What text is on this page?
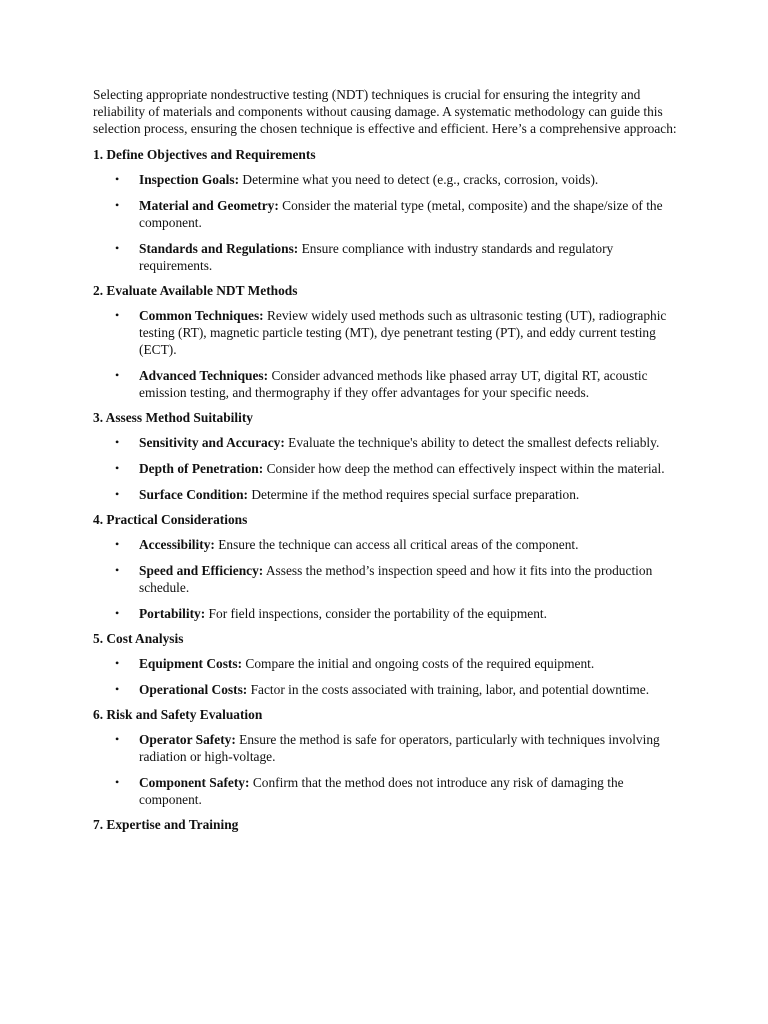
Selecting appropriate nondestructive testing (NDT) techniques is crucial for ensuring the integrity and reliability of materials and components without causing damage. A systematic methodology can guide this selection process, ensuring the chosen technique is effective and efficient. Here’s a comprehensive approach:

1. Define Objectives and Requirements
• Inspection Goals: Determine what you need to detect (e.g., cracks, corrosion, voids).
• Material and Geometry: Consider the material type (metal, composite) and the shape/size of the component.
• Standards and Regulations: Ensure compliance with industry standards and regulatory requirements.
2. Evaluate Available NDT Methods
• Common Techniques: Review widely used methods such as ultrasonic testing (UT), radiographic testing (RT), magnetic particle testing (MT), dye penetrant testing (PT), and eddy current testing (ECT).
• Advanced Techniques: Consider advanced methods like phased array UT, digital RT, acoustic emission testing, and thermography if they offer advantages for your specific needs.
3. Assess Method Suitability
• Sensitivity and Accuracy: Evaluate the technique's ability to detect the smallest defects reliably.
• Depth of Penetration: Consider how deep the method can effectively inspect within the material.
• Surface Condition: Determine if the method requires special surface preparation.
4. Practical Considerations
• Accessibility: Ensure the technique can access all critical areas of the component.
• Speed and Efficiency: Assess the method’s inspection speed and how it fits into the production schedule.
• Portability: For field inspections, consider the portability of the equipment.
5. Cost Analysis
• Equipment Costs: Compare the initial and ongoing costs of the required equipment.
• Operational Costs: Factor in the costs associated with training, labor, and potential downtime.
6. Risk and Safety Evaluation
• Operator Safety: Ensure the method is safe for operators, particularly with techniques involving radiation or high-voltage.
• Component Safety: Confirm that the method does not introduce any risk of damaging the component.
7. Expertise and Training
